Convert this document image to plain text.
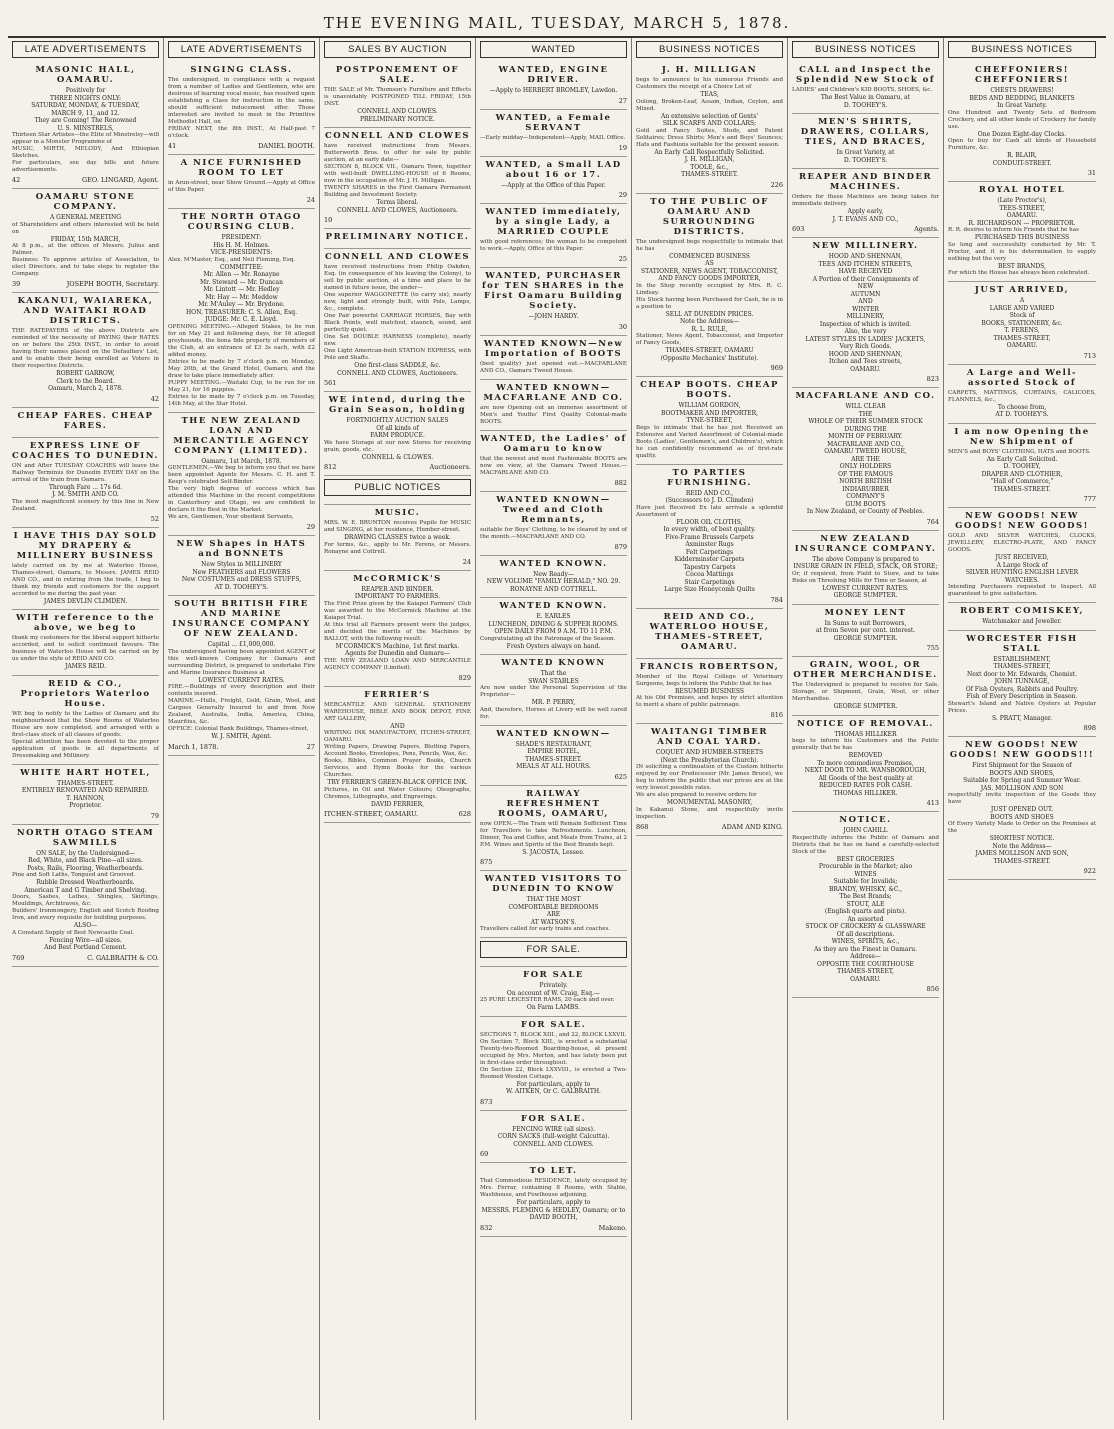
THE EVENING MAIL, TUESDAY, MARCH 5, 1878.
LATE ADVERTISEMENTS
MASONIC HALL, OAMARU.
Positively for
THREE NIGHTS ONLY:
SATURDAY, MONDAY, & TUESDAY,
MARCH 9, 11, and 12.
They are Coming! The Renowned
U. S. MINSTRELS,
Thirteen Star Artistes—the Elite of Minstrelsy—will appear in a Monster Programme of
MUSIC, MIRTH, MELODY, And Ethiopian Sketches.
For particulars, see day bills and future advertisements.
42	GEO. LINGARD, Agent.
OAMARU STONE COMPANY.
A GENERAL MEETING
of Shareholders and others interested will be held on
FRIDAY, 15th MARCH,
At 8 p.m., at the offices of Messrs. Julius and Palmer.
Business: To approve articles of Association, to elect Directors, and to take steps to register the Company.
39	JOSEPH BOOTH, Secretary.
KAKANUI, WAIAREKA, AND WAITAKI ROAD DISTRICTS.
THE RATEPAYERS of the above Districts are reminded of the necessity of PAYING their RATES on or before the 25th INST., in order to avoid having their names placed on the Defaulters' List, and to enable their being enrolled as Voters in their respective Districts.
ROBERT GARROW,
Clerk to the Board.
Oamaru, March 2, 1878.
42
CHEAP FARES. CHEAP FARES.
EXPRESS LINE OF COACHES TO DUNEDIN.
ON and After TUESDAY COACHES will leave the Railway Terminus for Dunedin EVERY DAY on the arrival of the train from Oamaru.
Through Fare ... 17s 6d.
J. M. SMITH AND CO.
The most magnificent scenery by this line in New Zealand.
52
I HAVE THIS DAY SOLD MY DRAPERY & MILLINERY BUSINESS
lately carried on by me at Waterloo House, Thames-street, Oamaru, to Messrs. JAMES REID AND CO., and in retiring from the trade, I beg to thank my friends and customers for the support accorded to me during the past year.
JAMES DEVLIN CLIMDEN.
WITH reference to the above, we beg to
thank my customers for the liberal support hitherto accorded, and to solicit continued favours. The business of Waterloo House will be carried on by us under the style of REID AND CO.
JAMES REID.
REID & CO., Proprietors Waterloo House.
WE beg to notify to the Ladies of Oamaru and its neighbourhood that the Show Rooms of Waterloo House are now completed, and arranged with a first-class stock of all classes of goods.
Special attention has been devoted to the proper application of goods in all departments of Dressmaking and Millinery.
WHITE HART HOTEL,
THAMES-STREET.
ENTIRELY RENOVATED AND REPAIRED.
T. HANNON,
Proprietor.
79
NORTH OTAGO STEAM SAWMILLS
ON SALE, by the Undersigned—
Red, White, and Black Pine—all sizes.
Posts, Rails, Flooring, Weatherboards.
Pine and Soft Laths, Tongued and Grooved.
Rubble Dressed Weatherboards.
American T and G Timber and Shelving.
Doors, Sashes, Lathes, Shingles, Skirtings, Mouldings, Architraves, &c.
Builders' Ironmongery, English and Scotch Roofing Iron, and every requisite for building purposes.
ALSO—
A Constant Supply of Best Newcastle Coal.
Fencing Wire—all sizes.
And Best Portland Cement.
769	C. GALBRAITH & CO.
LATE ADVERTISEMENTS
SINGING CLASS.
The undersigned, in compliance with a request from a number of Ladies and Gentlemen, who are desirous of learning vocal music, has resolved upon establishing a Class for instruction in the same, should sufficient inducement offer. Those interested are invited to meet in the Primitive Methodist Hall, on
FRIDAY NEXT, the 8th INST., At Half-past 7 o'clock.
41	DANIEL BOOTH.
A NICE FURNISHED ROOM TO LET
in Arun-street, near Show Ground.—Apply at Office of this Paper.
24
THE NORTH OTAGO COURSING CLUB.
PRESIDENT:
His H. M. Holmes.
VICE-PRESIDENTS:
Alex. M'Master, Esq., and Neil Fleming, Esq.
COMMITTEE:
Mr. Allen — Mr. Ronayne
Mr. Steward — Mr. Duncan
Mr. Lintott — Mr. Hedley
Mr. Hay — Mr. Meddow
Mr. M'Auley — Mr. Brydone.
HON. TREASURER: C. S. Allen, Esq.
JUDGE: Mr. C. E. Lloyd.
OPENING MEETING.—Alleged Stakes, to be run for on May 21 and following days, for 16 alleged greyhounds, the bona fide property of members of the Club, at an entrance of £3 3s each, with £2 added money.
Entries to be made by 7 o'clock p.m. on Monday, May 20th, at the Grand Hotel, Oamaru, and the draw to take place immediately after.
PUPPY MEETING.—Waitaki Cup, to be run for on May 21, for 16 puppies.
Entries to be made by 7 o'clock p.m. on Tuesday, 14th May, at the Star Hotel.
THE NEW ZEALAND LOAN AND MERCANTILE AGENCY COMPANY (LIMITED).
Oamaru, 1st March, 1878.
GENTLEMEN,—We beg to inform you that we have been appointed Agents for Messrs. C. H. and T. Keep's celebrated Self-Binder.
The very high degree of success which has attended this Machine in the recent competitions in Canterbury and Otago, we are confident to declare it the Best in the Market.
We are, Gentlemen, Your obedient Servants,
29
NEW Shapes in HATS and BONNETS
New Styles in MILLINERY
New FEATHERS and FLOWERS
New COSTUMES and DRESS STUFFS,
AT D. TOOHEY'S.
SOUTH BRITISH FIRE AND MARINE INSURANCE COMPANY OF NEW ZEALAND.
Capital ... £1,000,000.
The undersigned having been appointed AGENT of this well-known Company for Oamaru and surrounding District, is prepared to undertake Fire and Marine Insurance Business at
LOWEST CURRENT RATES.
FIRE.—Buildings of every description and their contents insured.
MARINE.—Hulls, Freight, Gold, Grain, Wool, and Cargoes Generally Insured to and from New Zealand, Australia, India, America, China, Mauritius, &c.
OFFICE: Colonial Bank Buildings, Thames-street,
W. J. SMITH, Agent.
March 1, 1878.	27
SALES BY AUCTION
POSTPONEMENT OF SALE.
THE SALE of Mr. Thomson's Furniture and Effects is unavoidably POSTPONED TILL FRIDAY, 15th INST.
CONNELL AND CLOWES.
PRELIMINARY NOTICE.
CONNELL AND CLOWES
have received instructions from Messrs. Butterworth Bros. to offer for sale by public auction, at an early date—
SECTION 8, BLOCK VII., Oamaru Town, together with well-built DWELLING-HOUSE of 6 Rooms, now in the occupation of Mr. J. H. Milligan.
TWENTY SHARES in the First Oamaru Permanent Building and Investment Society.
Terms liberal.
CONNELL AND CLOWES, Auctioneers.
10
PRELIMINARY NOTICE.
CONNELL AND CLOWES
have received instructions from Philip Oakden, Esq. (in consequence of his leaving the Colony), to sell by public auction, at a time and place to be named in future issue, the under—
One superior WAGGONETTE (to carry six), nearly new, light and strongly built, with Pole, Lamps, &c., complete.
One Pair powerful CARRIAGE HORSES, Bay with Black Points, well matched, staunch, sound, and perfectly quiet.
One Set DOUBLE HARNESS (complete), nearly new.
One Light American-built STATION EXPRESS, with Pole and Shafts.
One first-class SADDLE, &c.
CONNELL AND CLOWES, Auctioneers.
561
WE intend, during the Grain Season, holding
FORTNIGHTLY AUCTION SALES
Of all kinds of
FARM PRODUCE.
We have Storage at our new Stores for receiving grain, goods, etc.
CONNELL & CLOWES.
812	Auctioneers.
PUBLIC NOTICES
MUSIC.
MRS. W. E. BRUNTON receives Pupils for MUSIC and SINGING, at her residence, Humber-street.
DRAWING CLASSES twice a week.
For terms, &c., apply to Mr. Ferens, or Messrs. Ronayne and Cottrell.
24
McCORMICK'S
REAPER AND BINDER.
IMPORTANT TO FARMERS.
The First Prize given by the Kaiapoi Farmers' Club was awarded to the McCormick Machine at the Kaiapoi Trial.
At this trial all Farmers present were the judges, and decided the merits of the Machines by BALLOT, with the following result:
M'CORMICK'S Machine, 1st first marks.
Agents for Dunedin and Oamaru—
THE NEW ZEALAND LOAN AND MERCANTILE AGENCY COMPANY (Limited).
829
FERRIER'S
MERCANTILE AND GENERAL STATIONERY WAREHOUSE, BIBLE AND BOOK DEPOT, FINE ART GALLERY,
AND
WRITING INK MANUFACTORY, ITCHEN-STREET, OAMARU.
Writing Papers, Drawing Papers, Blotting Papers, Account Books, Envelopes, Pens, Pencils, Wax, &c.
Books, Bibles, Common Prayer Books, Church Services, and Hymn Books for the various Churches.
TRY FERRIER'S GREEN-BLACK OFFICE INK.
Pictures, in Oil and Water Colours; Oleographs, Chromos, Lithographs, and Engravings.
DAVID FERRIER,
ITCHEN-STREET, OAMARU.	628
WANTED
WANTED, ENGINE DRIVER.
—Apply to HERBERT BROMLEY, Lawdon.
27
WANTED, a Female SERVANT
—Early midday—Independent—Apply, MAIL Office.
19
WANTED, a Small LAD about 16 or 17.
—Apply at the Office of this Paper.
29
WANTED immediately, by a single Lady, a MARRIED COUPLE
with good references; the woman to be competent to work.—Apply, Office of this Paper.
25
WANTED, PURCHASER for TEN SHARES in the First Oamaru Building Society.
—JOHN HARDY.
30
WANTED KNOWN—New Importation of BOOTS
(best quality) just opened out.—MACFARLANE AND CO., Oamaru Tweed House.
WANTED KNOWN—MACFARLANE AND CO.
are now Opening out an immense assortment of Men's and Youths' First Quality Colonial-made BOOTS.
WANTED, the Ladies' of Oamaru to know
that the newest and most Fashionable BOOTS are now on view, at the Oamaru Tweed House.—MACFARLANE AND CO.
882
WANTED KNOWN—Tweed and Cloth Remnants,
suitable for Boys' Clothing, to be cleared by end of the month.—MACFARLANE AND CO.
879
WANTED KNOWN.
New Ready—
NEW VOLUME "FAMILY HERALD," NO. 29.
RONAYNE AND COTTRELL.
WANTED KNOWN.
E. EARLES
LUNCHEON, DINING & SUPPER ROOMS.
OPEN DAILY FROM 9 A.M. TO 11 P.M.
Congratulating all the Patronage of the Season.
Fresh Oysters always on hand.
WANTED KNOWN
That the
SWAN STABLES
Are now under the Personal Supervision of the Proprietor—
MR. P. PERRY,
And, therefore, Horses at Livery will be well cared for.
WANTED KNOWN—
SHADE'S RESTAURANT,
EMPIRE HOTEL,
THAMES-STREET.
MEALS AT ALL HOURS.
625
RAILWAY REFRESHMENT ROOMS, OAMARU,
now OPEN.—The Train will Remain Sufficient Time for Travellers to take Refreshments. Luncheon, Dinner, Tea and Coffee, and Meals from Trains, at 2 P.M. Wines and Spirits of the Best Brands kept.
S. JACOSTA, Lessee.
875
WANTED VISITORS TO DUNEDIN TO KNOW
THAT THE MOST
COMFORTABLE BEDROOMS
ARE
AT WATSON'S.
Travellers called for early trains and coaches.
FOR SALE.
FOR SALE
Privately.
On account of W. Craig, Esq.—
25 PURE LEICESTER RAMS, 20 each and over.
On Farm LAMBS.
FOR SALE.
SECTIONS 7, BLOCK XIII., and 22, BLOCK LXXVII.
On Section 7, Block XIII., is erected a substantial Twenty-two-Roomed Boarding-house, at present occupied by Mrs. Morton, and has lately been put in first-class order throughout.
On Section 22, Block LXXVIII., is erected a Two-Roomed Wooden Cottage.
For particulars, apply to
W. AITKEN, Or C. GALBRAITH.
873
FOR SALE.
FENCING WIRE (all sizes).
CORN SACKS (full-weight Calcutta).
CONNELL AND CLOWES.
69
TO LET.
That Commodious RESIDENCE, lately occupied by Mrs. Ferrar, containing 8 Rooms, with Stable, Washhouse, and Fowlhouse adjoining.
For particulars, apply to
MESSRS. FLEMING & HEDLEY, Oamaru; or to
DAVID BOOTH,
832	Makeno.
BUSINESS NOTICES
J. H. MILLIGAN
begs to announce to his numerous Friends and Customers the receipt of a Choice Lot of
TEAS,
Oolong, Broken-Leaf, Assam, Indian, Ceylon, and Mixed.
An extensive selection of Gents'
SILK SCARFS AND COLLARS;
Gold and Fancy Suites, Studs, and Patent Solitaires; Dress Shirts; Men's and Boys' Sounces; Hats and Fashions suitable for the present season.
An Early Call Respectfully Solicited.
J. H. MILLIGAN,
TOOLE, &c.,
THAMES-STREET.
226
TO THE PUBLIC OF OAMARU AND SURROUNDING DISTRICTS.
The undersigned begs respectfully to intimate that he has
COMMENCED BUSINESS
AS
STATIONER, NEWS AGENT, TOBACCONIST,
AND FANCY GOODS IMPORTER,
In the Shop recently occupied by Mrs. R. C. Lindsay.
His Stock having been Purchased for Cash, he is in a position to
SELL AT DUNEDIN PRICES.
Note the Address—
R. L. RULE,
Stationer, News Agent, Tobacconist, and Importer of Fancy Goods,
THAMES-STREET, OAMARU
(Opposite Mechanics' Institute).
969
CHEAP BOOTS. CHEAP BOOTS.
WILLIAM GORDON,
BOOTMAKER AND IMPORTER,
TYNE-STREET,
Begs to intimate that he has just Received an Extensive and Varied Assortment of Colonial-made Boots (Ladies', Gentlemen's, and Children's), which he can confidently recommend as of first-rate quality.
TO PARTIES FURNISHING.
REID AND CO.,
(Successors to J. D. Climden)
Have just Received Ex late arrivals a splendid Assortment of
FLOOR OIL CLOTHS,
In every width, of best quality.
Five-Frame Brussels Carpets
Axminster Rugs
Felt Carpetings
Kidderminster Carpets
Tapestry Carpets
Cocoa Mattings
Stair Carpetings
Large Size Honeycomb Quilts
784
REID AND CO., WATERLOO HOUSE, THAMES-STREET, OAMARU.
FRANCIS ROBERTSON,
Member of the Royal College of Veterinary Surgeons, begs to inform the Public that he has
RESUMED BUSINESS
At his Old Premises, and hopes by strict attention to merit a share of public patronage.
816
WAITANGI TIMBER AND COAL YARD.
COQUET AND HUMBER-STREETS
(Next the Presbyterian Church).
IN soliciting a continuation of the Custom hitherto enjoyed by our Predecessor (Mr. James Bruce), we beg to inform the public that our prices are at the very lowest possible rates.
We are also prepared to receive orders for
MONUMENTAL MASONRY,
In Kakanui Stone, and respectfully invite inspection.
868	ADAM AND KING.
BUSINESS NOTICES
CALL and Inspect the Splendid New Stock of
LADIES' and Children's KID BOOTS, SHOES, &c.
The Best Value in Oamaru, at
D. TOOHEY'S.
MEN'S SHIRTS, DRAWERS, COLLARS, TIES, AND BRACES,
In Great Variety, at
D. TOOHEY'S.
REAPER AND BINDER MACHINES.
Orders for these Machines are being taken for immediate delivery.
Apply early,
J. T. EVANS AND CO.,
693	Agents.
NEW MILLINERY.
HOOD AND SHENNAN,
TEES AND ITCHEN STREETS,
HAVE RECEIVED
A Portion of their Consignments of
NEW
AUTUMN
AND
WINTER
MILLINERY,
Inspection of which is invited.
Also, the very
LATEST STYLES IN LADIES' JACKETS,
Very Rich Goods.
HOOD AND SHENNAN,
Itchen and Tees streets,
OAMARU.
823
MACFARLANE AND CO.
WILL CLEAR
THE
WHOLE OF THEIR SUMMER STOCK
DURING THE
MONTH OF FEBRUARY.
MACFARLANE AND CO.,
OAMARU TWEED HOUSE,
ARE THE
ONLY HOLDERS
OF THE FAMOUS
NORTH BRITISH
INDIARUBBER
COMPANY'S
GUM BOOTS
In New Zealand, or County of Peebles.
764
NEW ZEALAND INSURANCE COMPANY.
The above Company is prepared to
INSURE GRAIN IN FIELD, STACK, OR STORE;
Or, if required, from Field to Store, and to take Risks on Threshing Mills for Time or Season, at
LOWEST CURRENT RATES.
GEORGE SUMPTER.
MONEY LENT
In Sums to suit Borrowers,
at from Seven per cent. interest.
GEORGE SUMPTER.
755
GRAIN, WOOL, OR OTHER MERCHANDISE.
The Undersigned is prepared to receive for Sale, Storage, or Shipment, Grain, Wool, or other Merchandise.
GEORGE SUMPTER.
NOTICE OF REMOVAL.
THOMAS HILLIKER
begs to inform his Customers and the Public generally that he has
REMOVED
To more commodious Premises,
NEXT DOOR TO MR. WANSBOROUGH,
All Goods of the best quality at
REDUCED RATES FOR CASH.
THOMAS HILLIKER.
413
NOTICE.
JOHN CAHILL
Respectfully informs the Public of Oamaru and Districts that he has on hand a carefully-selected Stock of the
BEST GROCERIES
Procurable in the Market; also
WINES
Suitable for Invalids;
BRANDY, WHISKY, &C.,
The Best Brands;
STOUT, ALE
(English quarts and pints).
An assorted
STOCK OF CROCKERY & GLASSWARE
Of all descriptions.
WINES, SPIRITS, &c.,
As they are the Finest in Oamaru.
Address—
OPPOSITE THE COURTHOUSE
THAMES-STREET,
OAMARU.
856
BUSINESS NOTICES
CHEFFONIERS! CHEFFONIERS!
CHESTS DRAWERS!
BEDS AND BEDDING, BLANKETS
In Great Variety.
One Hundred and Twenty Sets of Bedroom Crockery, and all other kinds of Crockery for family use.
One Dozen Eight-day Clocks.
Open to buy for Cash all kinds of Household Furniture, &c.
R. BLAIR,
CONDUIT-STREET.
31
ROYAL HOTEL
(Late Proctor's),
TEES-STREET,
OAMARU.
R. RICHARDSON — PROPRIETOR.
R. R. desires to inform his Friends that he has
PURCHASED THIS BUSINESS
So long and successfully conducted by Mr. T. Proctor, and it is his determination to supply nothing but the very
BEST BRANDS,
For which the House has always been celebrated.
JUST ARRIVED,
A
LARGE AND VARIED
Stock of
BOOKS, STATIONERY, &c.
T. FERENS,
THAMES-STREET,
OAMARU.
713
A Large and Well-assorted Stock of
CARPETS, MATTINGS, CURTAINS, CALICOES, FLANNELS, &c.,
To choose from,
AT D. TOOHEY'S.
I am now Opening the New Shipment of
MEN'S and BOYS' CLOTHING, HATS and BOOTS.
An Early Call Solicited.
D. TOOHEY,
DRAPER AND CLOTHIER,
"Hall of Commerce,"
THAMES-STREET.
777
NEW GOODS! NEW GOODS! NEW GOODS!
GOLD AND SILVER WATCHES, CLOCKS, JEWELLERY, ELECTRO-PLATE, AND FANCY GOODS.
JUST RECEIVED,
A Large Stock of
SILVER HUNTING ENGLISH LEVER WATCHES.
Intending Purchasers requested to Inspect. All guaranteed to give satisfaction.
ROBERT COMISKEY,
Watchmaker and Jeweller.
WORCESTER FISH STALL
ESTABLISHMENT,
THAMES-STREET,
Next door to Mr. Edwards, Chemist.
JOHN TUNNAGE,
Of Fish Oysters, Rabbits and Poultry.
Fish of Every Description in Season.
Stewart's Island and Native Oysters at Popular Prices.
S. PRATT, Manager.
898
NEW GOODS! NEW GOODS! NEW GOODS!!!
First Shipment for the Season of
BOOTS AND SHOES,
Suitable for Spring and Summer Wear.
JAS. MOLLISON AND SON
respectfully invite inspection of the Goods they have
JUST OPENED OUT.
BOOTS AND SHOES
Of Every Variety Made to Order on the Premises at the
SHORTEST NOTICE.
Note the Address—
JAMES MOLLISON AND SON,
THAMES-STREET.
922
